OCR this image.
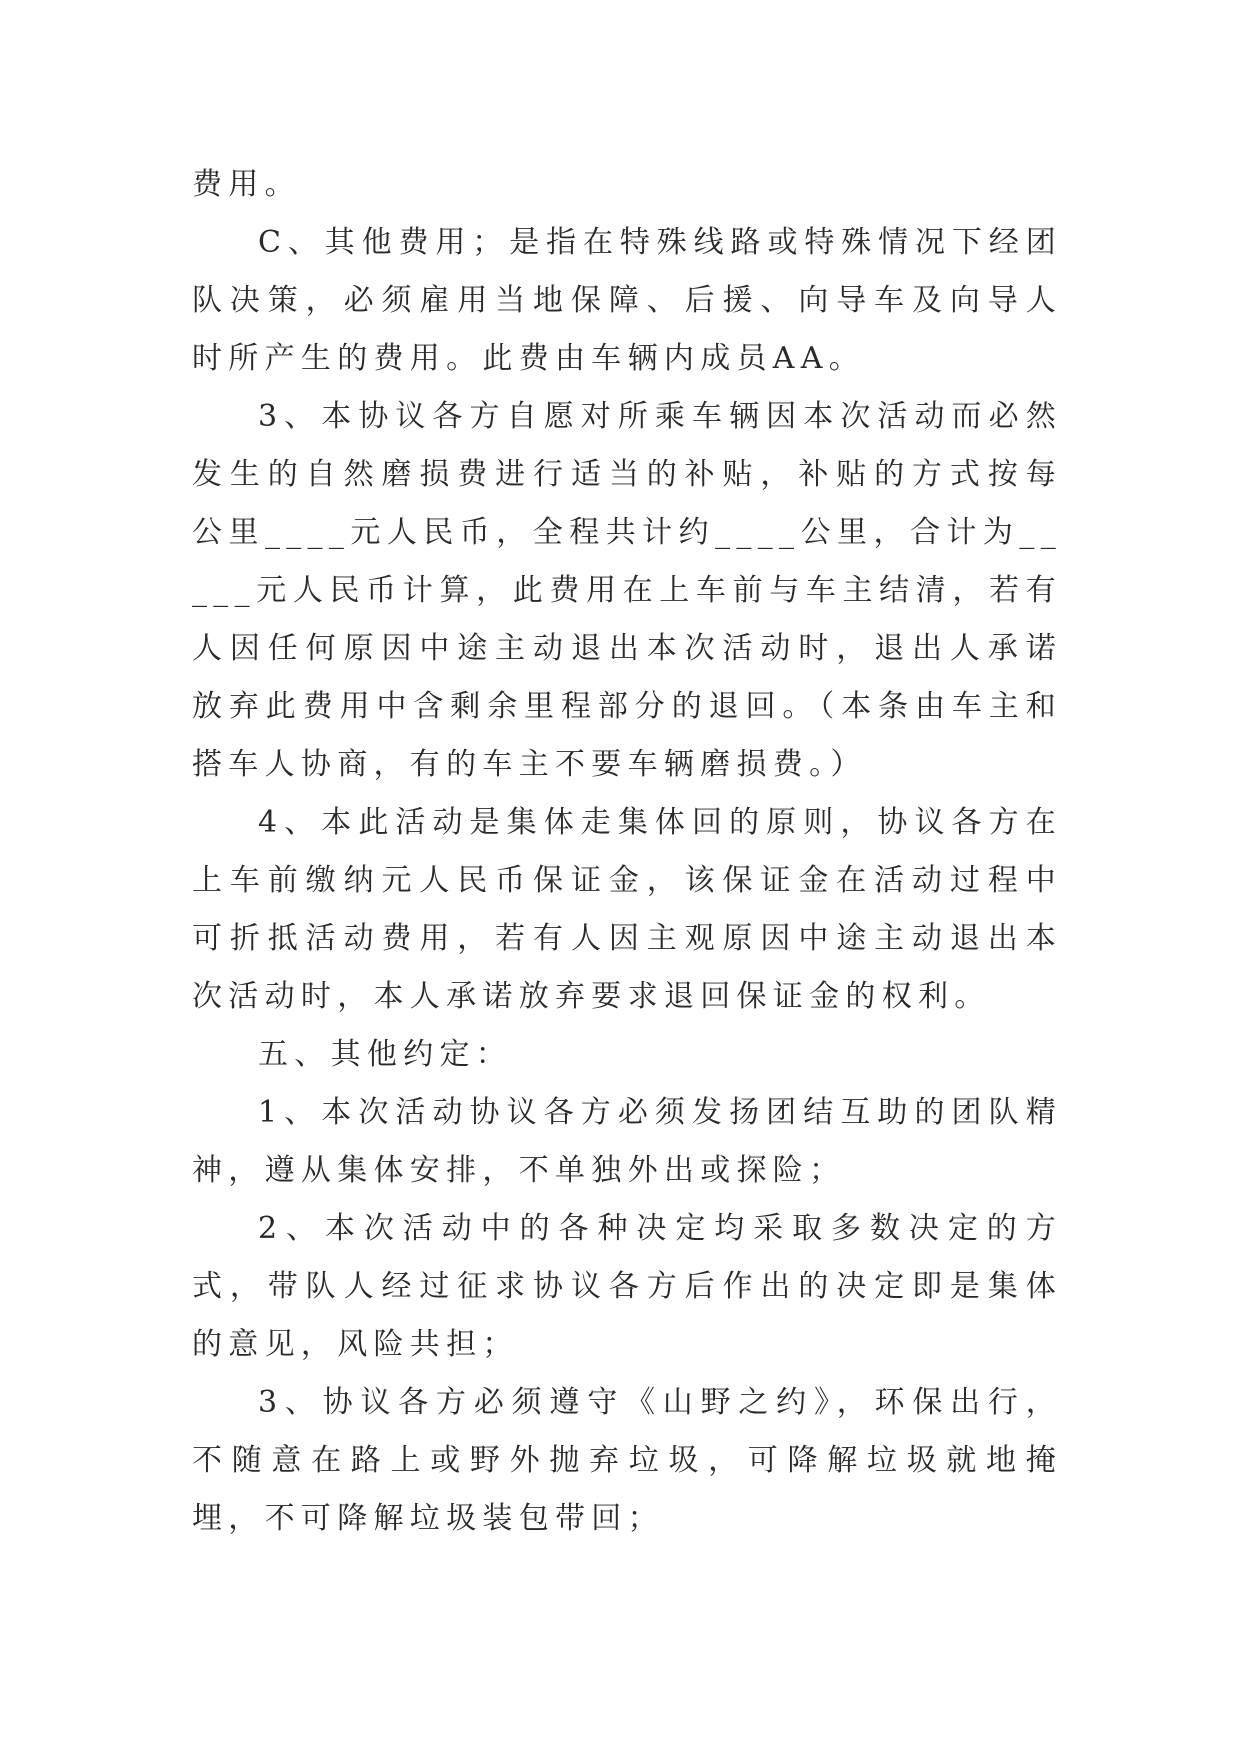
费用。

C、其他费用；是指在特殊线路或特殊情况下经团队决策，必须雇用当地保障、后援、向导车及向导人时所产生的费用。此费由车辆内成员AA。

3、本协议各方自愿对所乘车辆因本次活动而必然发生的自然磨损费进行适当的补贴，补贴的方式按每公里____元人民币，全程共计约____公里，合计为_____元人民币计算，此费用在上车前与车主结清，若有人因任何原因中途主动退出本次活动时，退出人承诺放弃此费用中含剩余里程部分的退回。（本条由车主和搭车人协商，有的车主不要车辆磨损费。）

4、本此活动是集体走集体回的原则，协议各方在上车前缴纳元人民币保证金，该保证金在活动过程中可折抵活动费用，若有人因主观原因中途主动退出本次活动时，本人承诺放弃要求退回保证金的权利。

五、其他约定：

1、本次活动协议各方必须发扬团结互助的团队精神，遵从集体安排，不单独外出或探险；

2、本次活动中的各种决定均采取多数决定的方式，带队人经过征求协议各方后作出的决定即是集体的意见，风险共担；

3、协议各方必须遵守《山野之约》，环保出行，不随意在路上或野外抛弃垃圾，可降解垃圾就地掩埋，不可降解垃圾装包带回；
